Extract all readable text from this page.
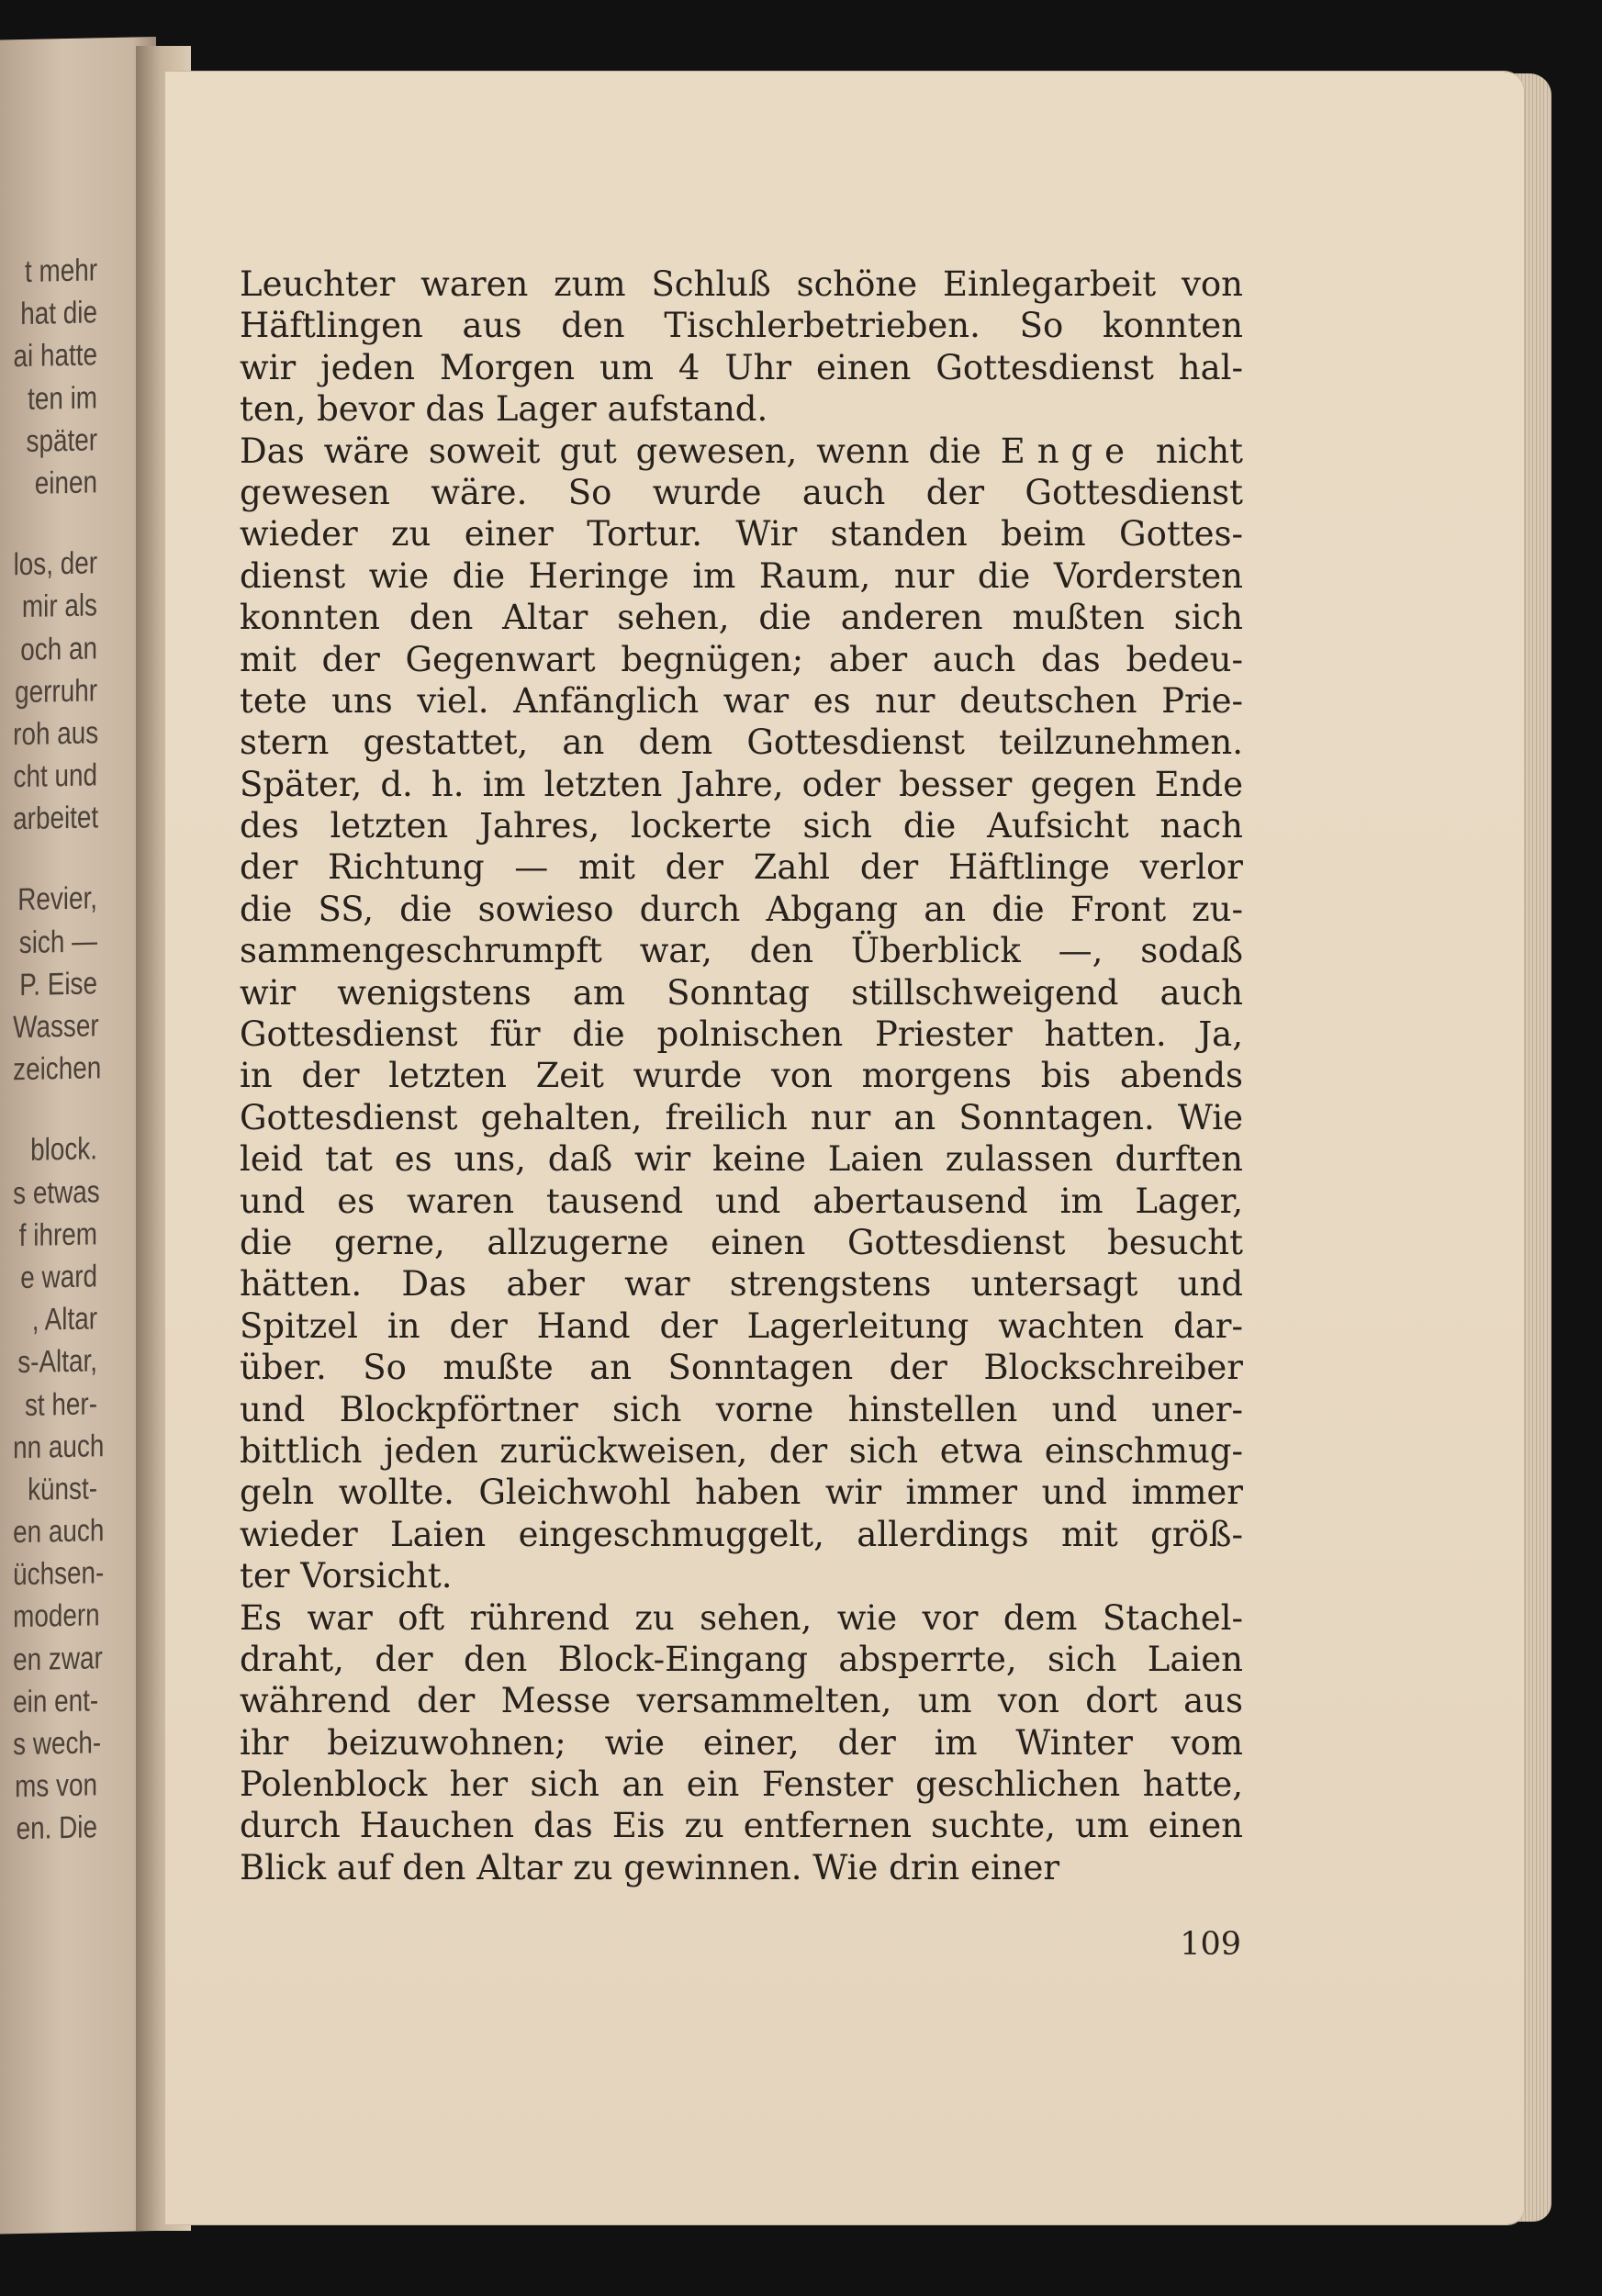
t mehr
hat die
ai hatte
ten im
später
einen
los, der
mir als
och an
gerruhr
roh aus
cht und
arbeitet
Revier,
sich —
P. Eise
Wasser
zeichen
block.
s etwas
f ihrem
e ward
, Altar
s-Altar,
st her-
nn auch
künst-
en auch
üchsen-
modern
en zwar
ein ent-
s wech-
ms von
en. Die
Leuchter waren zum Schluß schöne Einlegarbeit von
Häftlingen aus den Tischlerbetrieben. So konnten
wir jeden Morgen um 4 Uhr einen Gottesdienst hal-
ten, bevor das Lager aufstand.
Das wäre soweit gut gewesen, wenn die Enge nicht
gewesen wäre. So wurde auch der Gottesdienst
wieder zu einer Tortur. Wir standen beim Gottes-
dienst wie die Heringe im Raum, nur die Vordersten
konnten den Altar sehen, die anderen mußten sich
mit der Gegenwart begnügen; aber auch das bedeu-
tete uns viel. Anfänglich war es nur deutschen Prie-
stern gestattet, an dem Gottesdienst teilzunehmen.
Später, d. h. im letzten Jahre, oder besser gegen Ende
des letzten Jahres, lockerte sich die Aufsicht nach
der Richtung — mit der Zahl der Häftlinge verlor
die SS, die sowieso durch Abgang an die Front zu-
sammengeschrumpft war, den Überblick —, sodaß
wir wenigstens am Sonntag stillschweigend auch
Gottesdienst für die polnischen Priester hatten. Ja,
in der letzten Zeit wurde von morgens bis abends
Gottesdienst gehalten, freilich nur an Sonntagen. Wie
leid tat es uns, daß wir keine Laien zulassen durften
und es waren tausend und abertausend im Lager,
die gerne, allzugerne einen Gottesdienst besucht
hätten. Das aber war strengstens untersagt und
Spitzel in der Hand der Lagerleitung wachten dar-
über. So mußte an Sonntagen der Blockschreiber
und Blockpförtner sich vorne hinstellen und uner-
bittlich jeden zurückweisen, der sich etwa einschmug-
geln wollte. Gleichwohl haben wir immer und immer
wieder Laien eingeschmuggelt, allerdings mit größ-
ter Vorsicht.
Es war oft rührend zu sehen, wie vor dem Stachel-
draht, der den Block-Eingang absperrte, sich Laien
während der Messe versammelten, um von dort aus
ihr beizuwohnen; wie einer, der im Winter vom
Polenblock her sich an ein Fenster geschlichen hatte,
durch Hauchen das Eis zu entfernen suchte, um einen
Blick auf den Altar zu gewinnen. Wie drin einer
109
